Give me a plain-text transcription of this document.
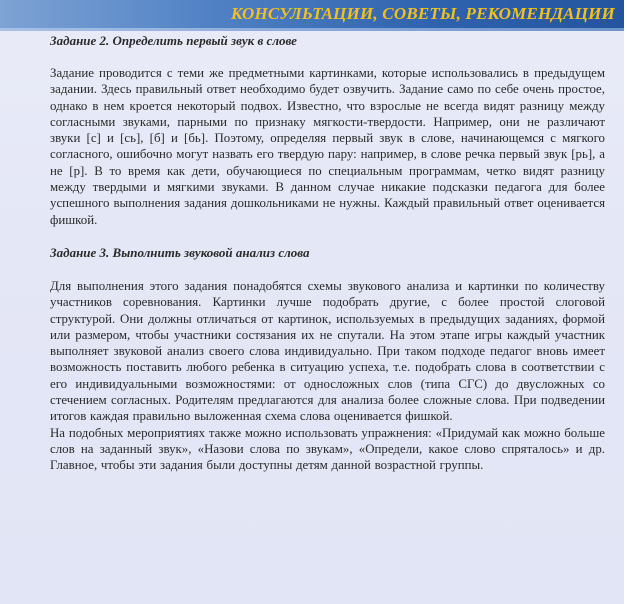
КОНСУЛЬТАЦИИ, СОВЕТЫ, РЕКОМЕНДАЦИИ

Задание 2. Определить первый звук в слове

Задание проводится с теми же предметными картинками, которые использовались в предыдущем задании. Здесь правильный ответ необходимо будет озвучить. Задание само по себе очень простое, однако в нем кроется некоторый подвох. Известно, что взрослые не всегда видят разницу между согласными звуками, парными по признаку мягкости-твердости. Например, они не различают звуки [с] и [сь], [б] и [бь]. Поэтому, определяя первый звук в слове, начинающемся с мягкого согласного, ошибочно могут назвать его твердую пару: например, в слове речка первый звук [рь], а не [р]. В то время как дети, обучающиеся по специальным программам, четко видят разницу между твердыми и мягкими звуками. В данном случае никакие подсказки педагога для более успешного выполнения задания дошкольниками не нужны. Каждый правильный ответ оценивается фишкой.

Задание 3. Выполнить звуковой анализ слова

Для выполнения этого задания понадобятся схемы звукового анализа и картинки по количеству участников соревнования. Картинки лучше подобрать другие, с более простой слоговой структурой. Они должны отличаться от картинок, используемых в предыдущих заданиях, формой или размером, чтобы участники состязания их не спутали. На этом этапе игры каждый участник выполняет звуковой анализ своего слова индивидуально. При таком подходе педагог вновь имеет возможность поставить любого ребенка в ситуацию успеха, т.е. подобрать слова в соответствии с его индивидуальными возможностями: от односложных слов (типа СГС) до двусложных со стечением согласных. Родителям предлагаются для анализа более сложные слова. При подведении итогов каждая правильно выложенная схема слова оценивается фишкой.

На подобных мероприятиях также можно использовать упражнения: «Придумай как можно больше слов на заданный звук», «Назови слова по звукам», «Определи, какое слово спряталось» и др. Главное, чтобы эти задания были доступны детям данной возрастной группы.
